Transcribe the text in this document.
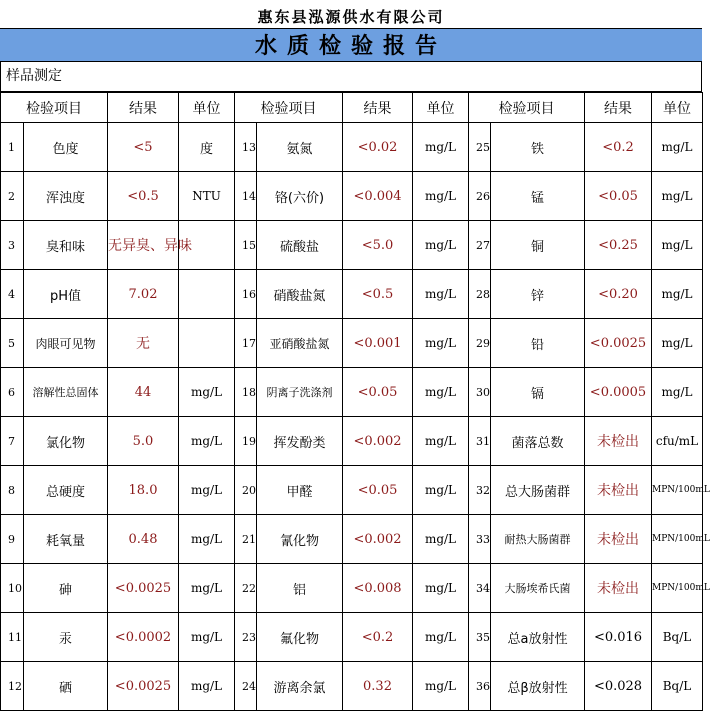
惠东县泓源供水有限公司
水质检验报告
样品测定
检验项目		结果	单位	检验项目		结果	单位	检验项目		结果	单位
1	色度	<5	度	13	氨氮	<0.02	mg/L	25	铁	<0.2	mg/L
2	浑浊度	<0.5	NTU	14	铬(六价)	<0.004	mg/L	26	锰	<0.05	mg/L
3	臭和味	无异臭、异味		15	硫酸盐	<5.0	mg/L	27	铜	<0.25	mg/L
4	pH值	7.02		16	硝酸盐氮	<0.5	mg/L	28	锌	<0.20	mg/L
5	肉眼可见物	无		17	亚硝酸盐氮	<0.001	mg/L	29	铅	<0.0025	mg/L
6	溶解性总固体	44	mg/L	18	阴离子洗涤剂	<0.05	mg/L	30	镉	<0.0005	mg/L
7	氯化物	5.0	mg/L	19	挥发酚类	<0.002	mg/L	31	菌落总数	未检出	cfu/mL
8	总硬度	18.0	mg/L	20	甲醛	<0.05	mg/L	32	总大肠菌群	未检出	MPN/100mL
9	耗氧量	0.48	mg/L	21	氰化物	<0.002	mg/L	33	耐热大肠菌群	未检出	MPN/100mL
10	砷	<0.0025	mg/L	22	铝	<0.008	mg/L	34	大肠埃希氏菌	未检出	MPN/100mL
11	汞	<0.0002	mg/L	23	氟化物	<0.2	mg/L	35	总a放射性	<0.016	Bq/L
12	硒	<0.0025	mg/L	24	游离余氯	0.32	mg/L	36	总β放射性	<0.028	Bq/L
